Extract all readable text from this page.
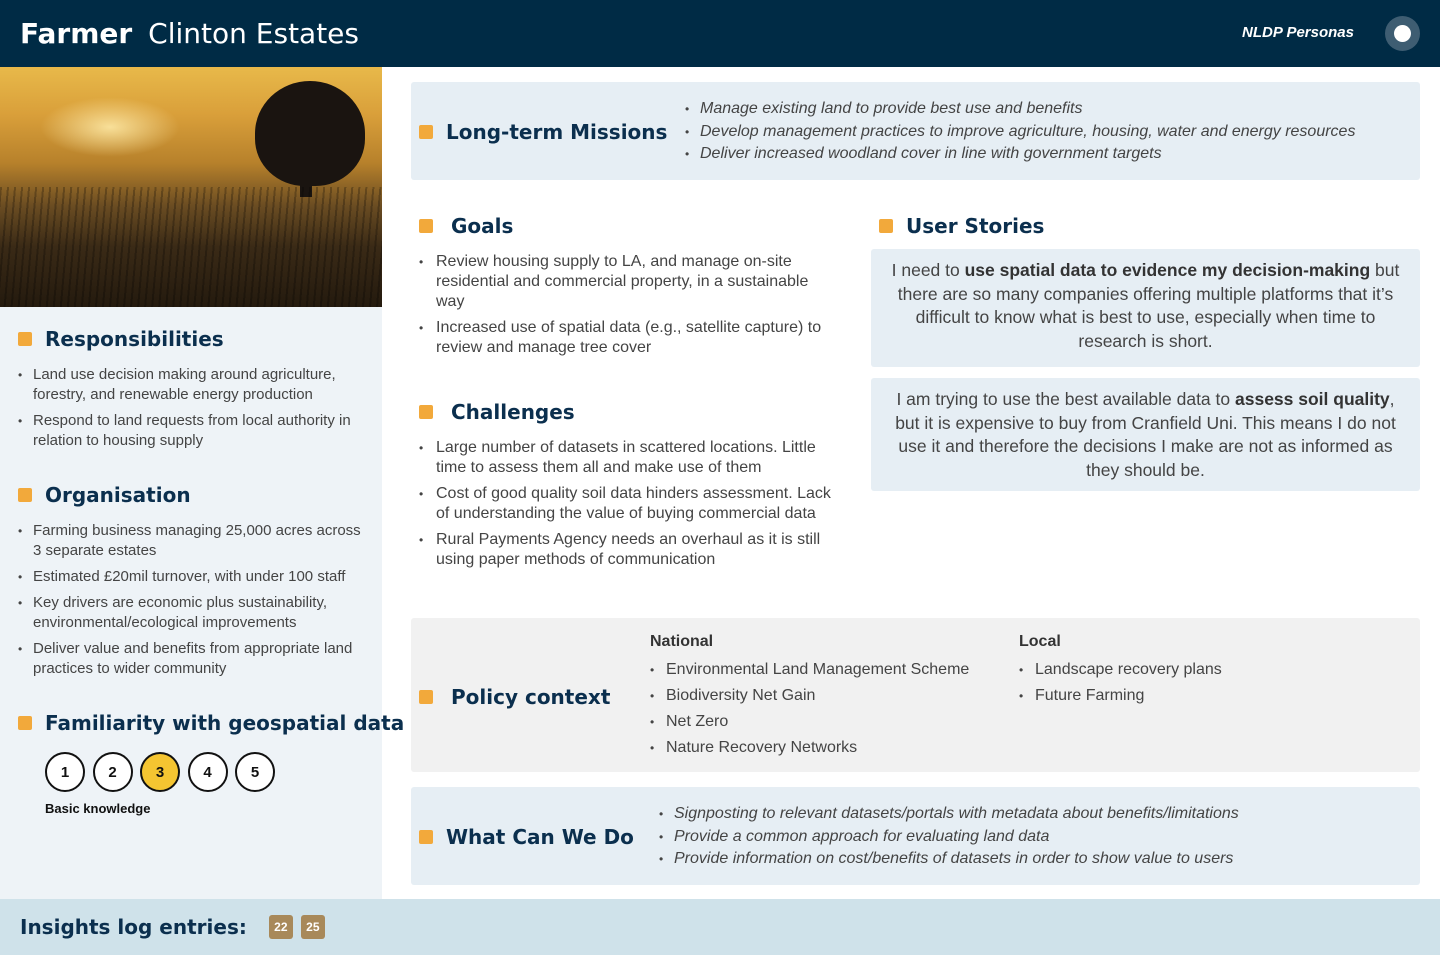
Farmer Clinton Estates	NLDP Personas
Responsibilities
• Land use decision making around agriculture, forestry, and renewable energy production
• Respond to land requests from local authority in relation to housing supply
Organisation
• Farming business managing 25,000 acres across 3 separate estates
• Estimated £20mil turnover, with under 100 staff
• Key drivers are economic plus sustainability, environmental/ecological improvements
• Deliver value and benefits from appropriate land practices to wider community
Familiarity with geospatial data
1	2	3	4	5
Basic knowledge
Long-term Missions
• Manage existing land to provide best use and benefits
• Develop management practices to improve agriculture, housing, water and energy resources
• Deliver increased woodland cover in line with government targets
Goals
• Review housing supply to LA, and manage on-site residential and commercial property, in a sustainable way
• Increased use of spatial data (e.g., satellite capture) to review and manage tree cover
Challenges
• Large number of datasets in scattered locations. Little time to assess them all and make use of them
• Cost of good quality soil data hinders assessment. Lack of understanding the value of buying commercial data
• Rural Payments Agency needs an overhaul as it is still using paper methods of communication
User Stories
I need to use spatial data to evidence my decision-making but there are so many companies offering multiple platforms that it’s difficult to know what is best to use, especially when time to research is short.
I am trying to use the best available data to assess soil quality, but it is expensive to buy from Cranfield Uni. This means I do not use it and therefore the decisions I make are not as informed as they should be.
Policy context
National
• Environmental Land Management Scheme
• Biodiversity Net Gain
• Net Zero
• Nature Recovery Networks
Local
• Landscape recovery plans
• Future Farming
What Can We Do
• Signposting to relevant datasets/portals with metadata about benefits/limitations
• Provide a common approach for evaluating land data
• Provide information on cost/benefits of datasets in order to show value to users
Insights log entries:	22	25
